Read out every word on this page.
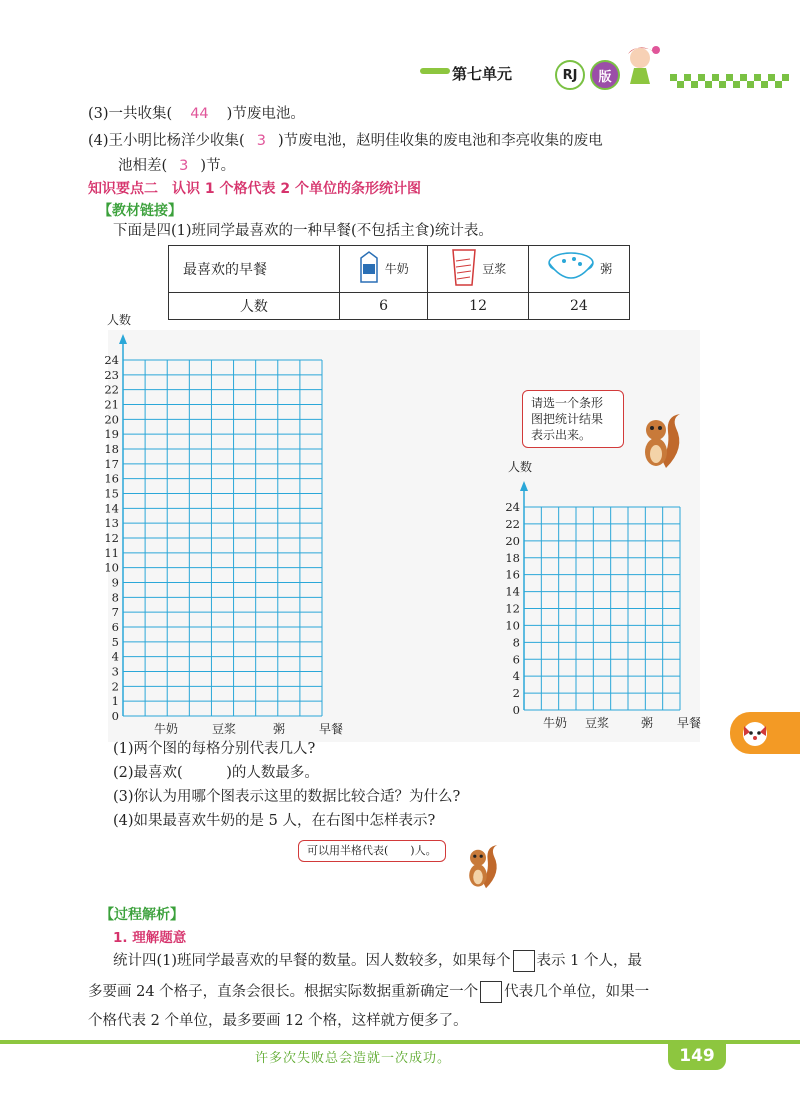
第七单元	RJ	版
(3)一共收集( 44 )节废电池。
(4)王小明比杨洋少收集( 3 )节废电池，赵明佳收集的废电池和李亮收集的废电
池相差( 3 )节。
知识要点二　认识 1 个格代表 2 个单位的条形统计图
【教材链接】
下面是四(1)班同学最喜欢的一种早餐(不包括主食)统计表。
最喜欢的早餐	牛奶	豆浆	粥
人数	6	12	24
人数
0
1
2
3
4
5
6
7
8
9
10
11
12
13
14
15
16
17
18
19
20
21
22
23
24
牛奶	豆浆	粥	早餐
人数
0
2
4
6
8
10
12
14
16
18
20
22
24
牛奶 豆浆	粥 早餐
请选一个条形
图把统计结果
表示出来。
(1)两个图的每格分别代表几人?
(2)最喜欢(　　　)的人数最多。
(3)你认为用哪个图表示这里的数据比较合适？为什么?
(4)如果最喜欢牛奶的是 5 人，在右图中怎样表示?
可以用半格代表(　　)人。
【过程解析】
1. 理解题意
统计四(1)班同学最喜欢的早餐的数量。因人数较多，如果每个 表示 1 个人，最
多要画 24 个格子，直条会很长。根据实际数据重新确定一个 代表几个单位，如果一
个格代表 2 个单位，最多要画 12 个格，这样就方便多了。
许多次失败总会造就一次成功。	149
